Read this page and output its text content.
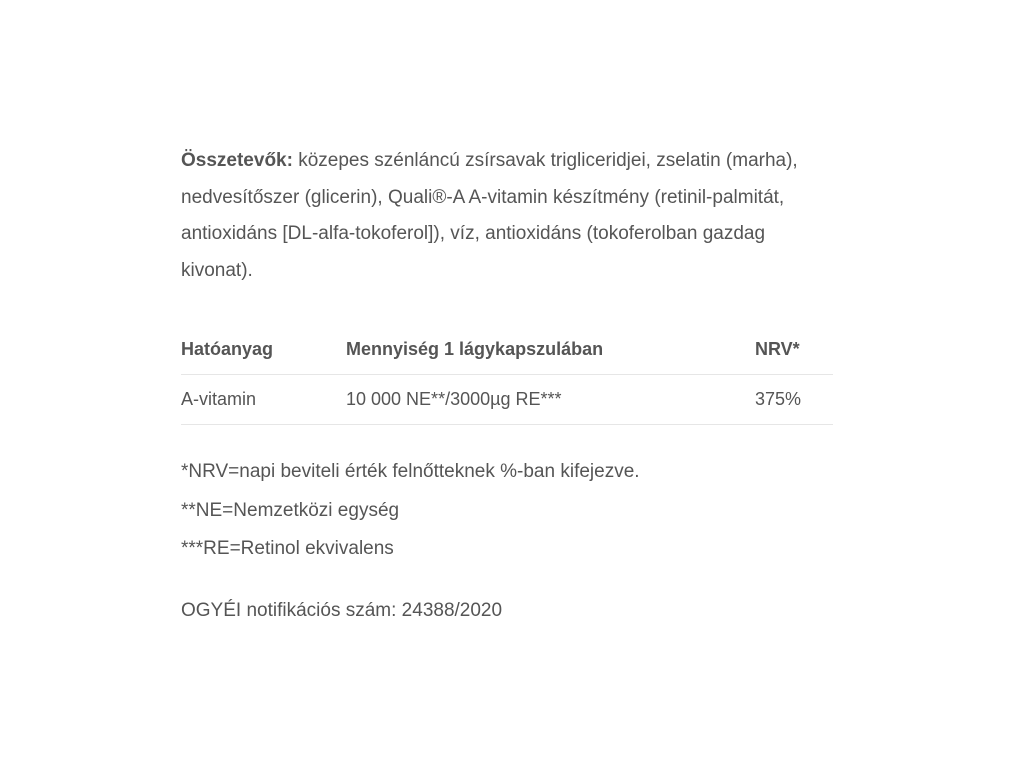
Összetevők: közepes szénláncú zsírsavak trigliceridjei, zselatin (marha), nedvesítőszer (glicerin), Quali®-A A-vitamin készítmény (retinil-palmitát, antioxidáns [DL-alfa-tokoferol]), víz, antioxidáns (tokoferolban gazdag kivonat).

Hatóanyag	Mennyiség 1 lágykapszulában	NRV*
A-vitamin	10 000 NE**/3000µg RE***	375%
*NRV=napi beviteli érték felnőtteknek %-ban kifejezve.
**NE=Nemzetközi egység
***RE=Retinol ekvivalens
OGYÉI notifikációs szám: 24388/2020
